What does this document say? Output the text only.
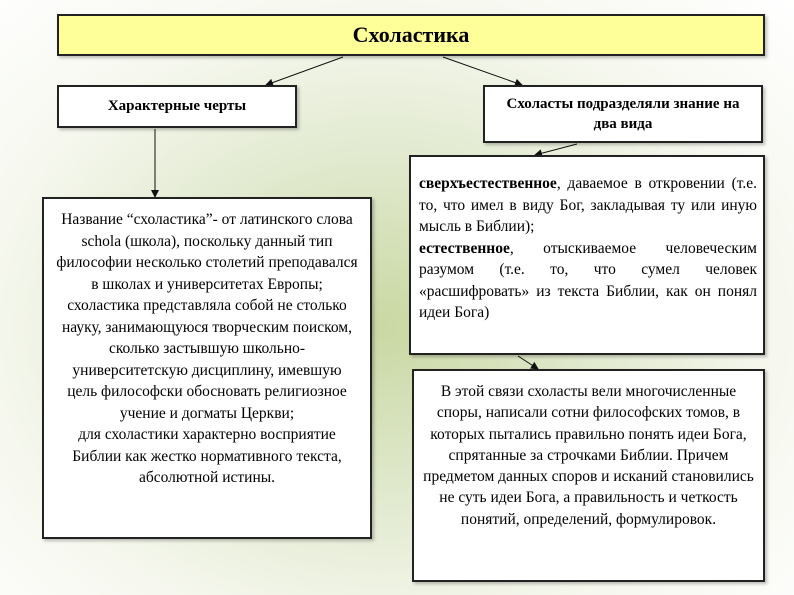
Схоластика
Характерные черты	Схоласты подразделяли знание на два вида
Название “схоластика”- от латинского слова schola (школа), поскольку данный тип философии несколько столетий преподавался в школах и университетах Европы;
схоластика представляла собой не столько науку, занимающуюся творческим поиском, сколько застывшую школьно-университетскую дисциплину, имевшую цель философски обосновать религиозное учение и догматы Церкви;
для схоластики характерно восприятие Библии как жестко нормативного текста, абсолютной истины.
сверхъестественное, даваемое в откровении (т.е. то, что имел в виду Бог, закладывая ту или иную мысль в Библии);
естественное, отыскиваемое человеческим разумом (т.е. то, что сумел человек «расшифровать» из текста Библии, как он понял идеи Бога)
В этой связи схоласты вели многочисленные споры, написали сотни философских томов, в которых пытались правильно понять идеи Бога, спрятанные за строчками Библии. Причем предметом данных споров и исканий становились не суть идеи Бога, а правильность и четкость понятий, определений, формулировок.
